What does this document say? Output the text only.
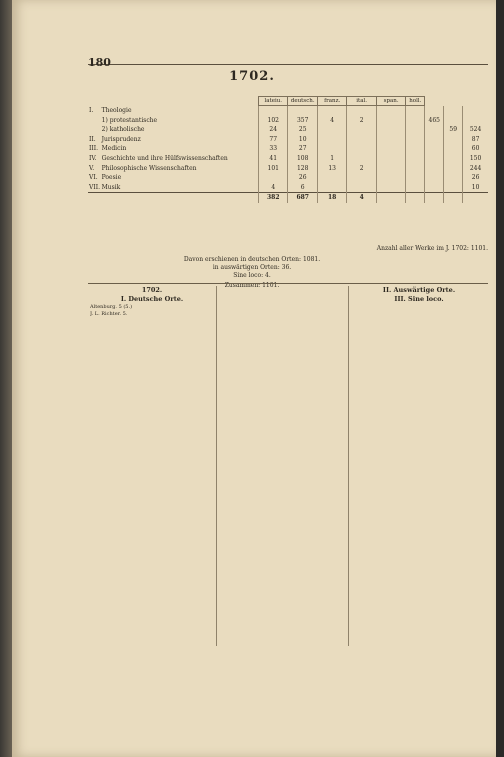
180
1702.
		lateiu.	deutsch.	franz.	ital.	span.	holl.			
I.	Theologie									
	1) protestantische	102	357	4	2			465		
	2) katholische	24	25						59	524
II.	Jurisprudenz	77	10							87
III.	Medicin	33	27							60
IV.	Geschichte und ihre Hülfswissenschaften	41	108	1						150
V.	Philosophische Wissenschaften	101	128	13	2					244
VI.	Poesie		26							26
VII.	Musik	4	6							10
		382	687	18	4					
Anzahl aller Werke im J. 1702: 1101.
Davon erschienen in deutschen Orten: 1081.
in auswärtigen Orten: 36.
Sine loco: 4.
Zusammen: 1101.
1702.
I. Deutsche Orte.
Altenburg. 5 (5.)
J. L. Richter. 5.
II. Auswärtige Orte.
III. Sine loco.
